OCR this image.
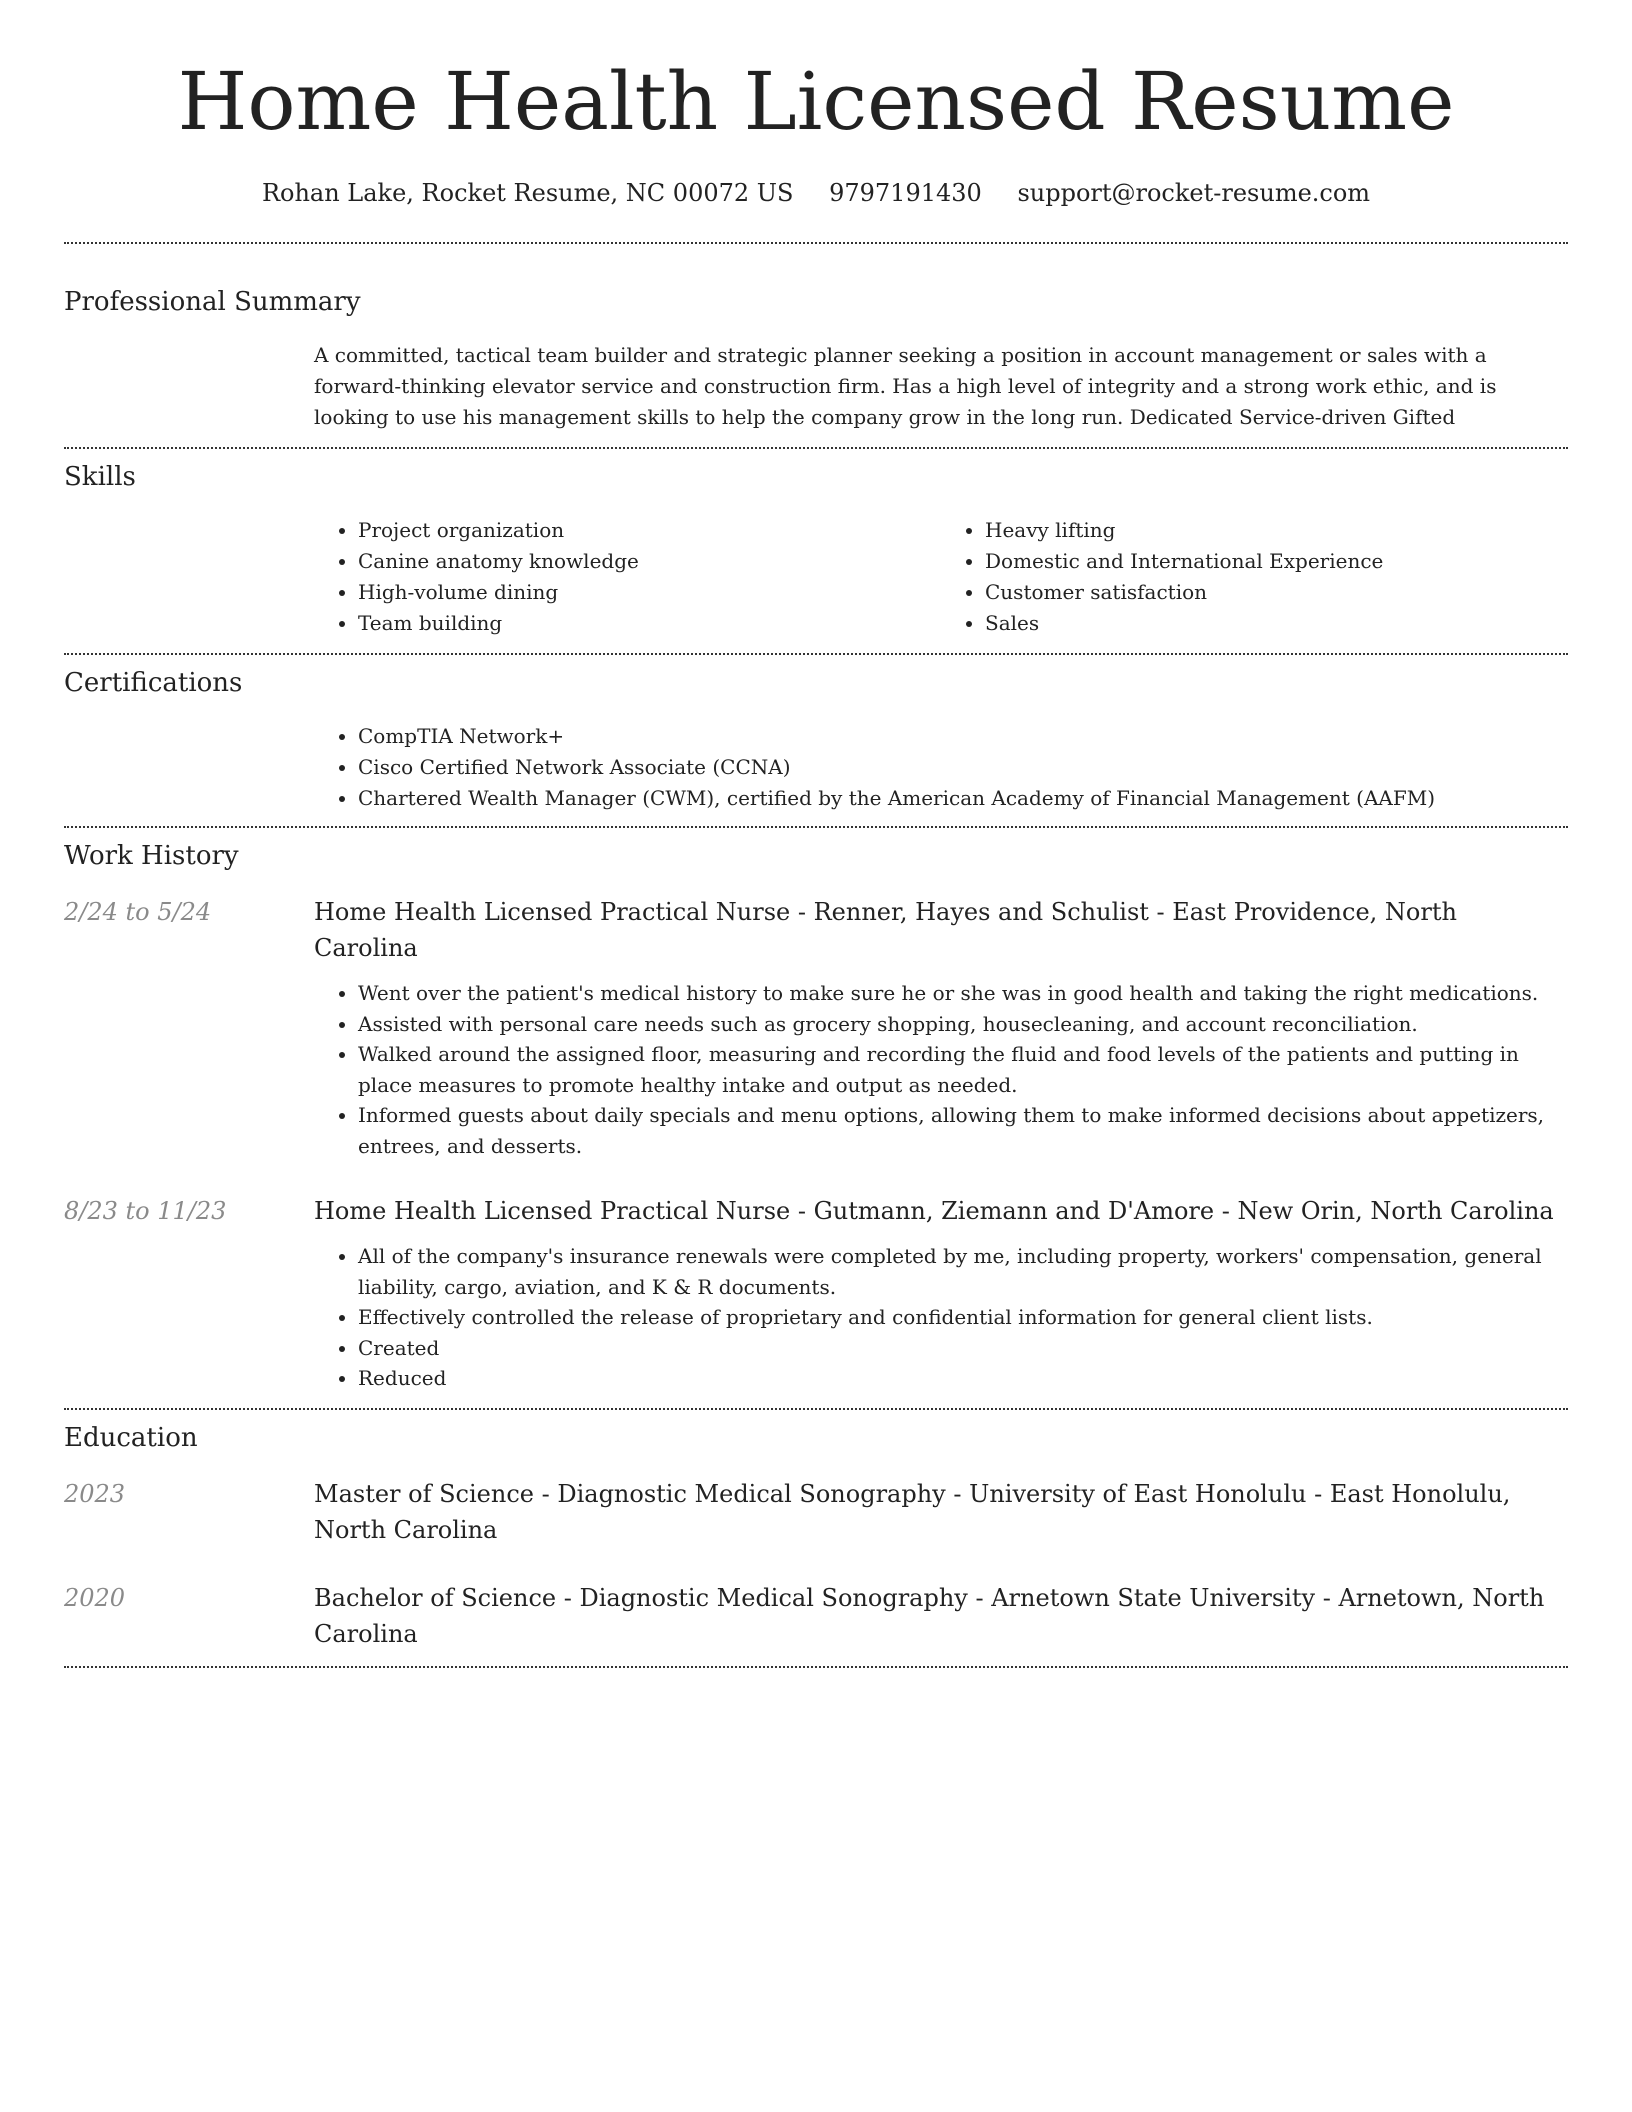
Home Health Licensed Resume
Rohan Lake, Rocket Resume, NC 00072 US 9797191430 support@rocket-resume.com
Professional Summary
A committed, tactical team builder and strategic planner seeking a position in account management or sales with a forward-thinking elevator service and construction firm. Has a high level of integrity and a strong work ethic, and is looking to use his management skills to help the company grow in the long run. Dedicated Service-driven Gifted
Skills
• Project organization
• Canine anatomy knowledge
• High-volume dining
• Team building
• Heavy lifting
• Domestic and International Experience
• Customer satisfaction
• Sales
Certifications
• CompTIA Network+
• Cisco Certified Network Associate (CCNA)
• Chartered Wealth Manager (CWM), certified by the American Academy of Financial Management (AAFM)
Work History
2/24 to 5/24	Home Health Licensed Practical Nurse - Renner, Hayes and Schulist - East Providence, North Carolina
• Went over the patient's medical history to make sure he or she was in good health and taking the right medications.
• Assisted with personal care needs such as grocery shopping, housecleaning, and account reconciliation.
• Walked around the assigned floor, measuring and recording the fluid and food levels of the patients and putting in place measures to promote healthy intake and output as needed.
• Informed guests about daily specials and menu options, allowing them to make informed decisions about appetizers, entrees, and desserts.
8/23 to 11/23	Home Health Licensed Practical Nurse - Gutmann, Ziemann and D'Amore - New Orin, North Carolina
• All of the company's insurance renewals were completed by me, including property, workers' compensation, general liability, cargo, aviation, and K & R documents.
• Effectively controlled the release of proprietary and confidential information for general client lists.
• Created
• Reduced
Education
2023	Master of Science - Diagnostic Medical Sonography - University of East Honolulu - East Honolulu, North Carolina
2020	Bachelor of Science - Diagnostic Medical Sonography - Arnetown State University - Arnetown, North Carolina
